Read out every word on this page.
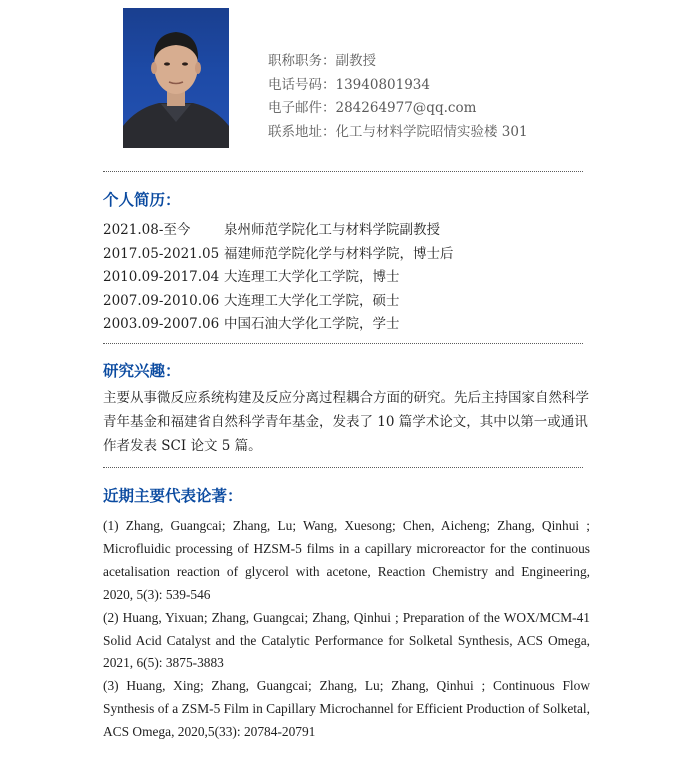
职称职务：副教授
电话号码：13940801934
电子邮件：284264977@qq.com
联系地址：化工与材料学院昭情实验楼 301
个人简历：
2021.08-至今 泉州师范学院化工与材料学院副教授
2017.05-2021.05 福建师范学院化学与材料学院，博士后
2010.09-2017.04 大连理工大学化工学院，博士
2007.09-2010.06 大连理工大学化工学院，硕士
2003.09-2007.06 中国石油大学化工学院，学士
研究兴趣：
主要从事微反应系统构建及反应分离过程耦合方面的研究。先后主持国家自然科学青年基金和福建省自然科学青年基金，发表了 10 篇学术论文，其中以第一或通讯作者发表 SCI 论文 5 篇。
近期主要代表论著：

(1) Zhang, Guangcai; Zhang, Lu; Wang, Xuesong; Chen, Aicheng; Zhang, Qinhui ; Microfluidic processing of HZSM-5 films in a capillary microreactor for the continuous acetalisation reaction of glycerol with acetone, Reaction Chemistry and Engineering, 2020, 5(3): 539-546

(2) Huang, Yixuan; Zhang, Guangcai; Zhang, Qinhui ; Preparation of the WOX/MCM-41 Solid Acid Catalyst and the Catalytic Performance for Solketal Synthesis, ACS Omega, 2021, 6(5): 3875-3883

(3) Huang, Xing; Zhang, Guangcai; Zhang, Lu; Zhang, Qinhui ; Continuous Flow Synthesis of a ZSM-5 Film in Capillary Microchannel for Efficient Production of Solketal, ACS Omega, 2020,5(33): 20784-20791
